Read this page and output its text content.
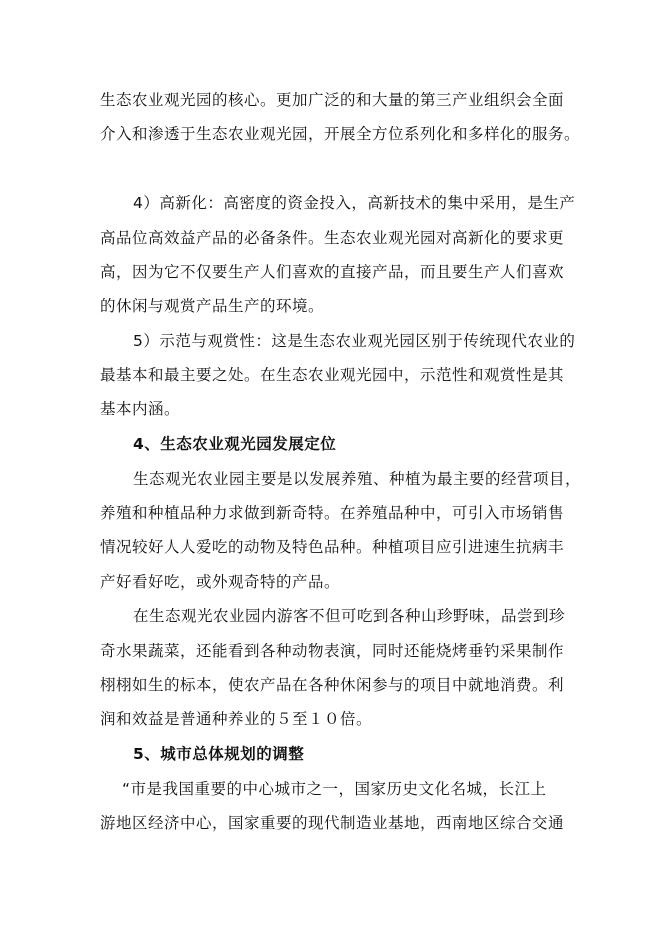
生态农业观光园的核心。更加广泛的和大量的第三产业组织会全面
介入和渗透于生态农业观光园，开展全方位系列化和多样化的服务。
4）高新化：高密度的资金投入，高新技术的集中采用，是生产
高品位高效益产品的必备条件。生态农业观光园对高新化的要求更
高，因为它不仅要生产人们喜欢的直接产品，而且要生产人们喜欢
的休闲与观赏产品生产的环境。
5）示范与观赏性：这是生态农业观光园区别于传统现代农业的
最基本和最主要之处。在生态农业观光园中，示范性和观赏性是其
基本内涵。
4、生态农业观光园发展定位
生态观光农业园主要是以发展养殖、种植为最主要的经营项目，
养殖和种植品种力求做到新奇特。在养殖品种中，可引入市场销售
情况较好人人爱吃的动物及特色品种。种植项目应引进速生抗病丰
产好看好吃，或外观奇特的产品。
在生态观光农业园内游客不但可吃到各种山珍野味，品尝到珍
奇水果蔬菜，还能看到各种动物表演，同时还能烧烤垂钓采果制作
栩栩如生的标本，使农产品在各种休闲参与的项目中就地消费。利
润和效益是普通种养业的５至１０倍。
5、城市总体规划的调整
“市是我国重要的中心城市之一，国家历史文化名城，长江上
游地区经济中心，国家重要的现代制造业基地，西南地区综合交通
